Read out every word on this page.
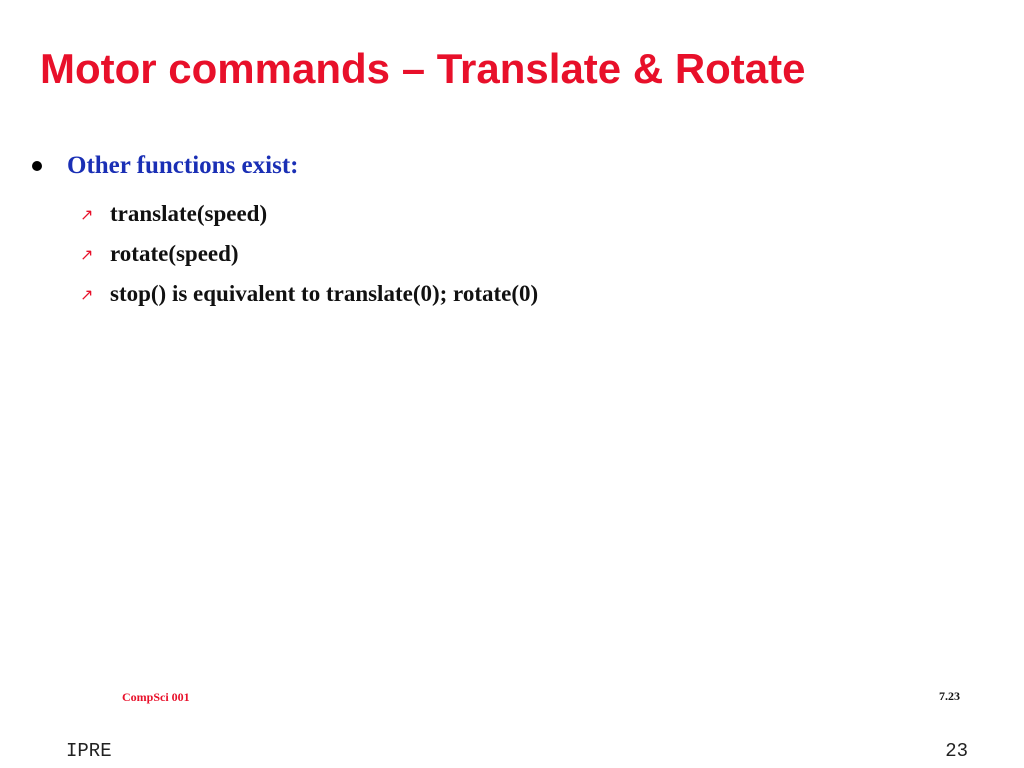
Motor commands – Translate & Rotate
Other functions exist:
↗ translate(speed)
↗ rotate(speed)
↗ stop() is equivalent to translate(0); rotate(0)
CompSci 001	7.23
IPRE	23
